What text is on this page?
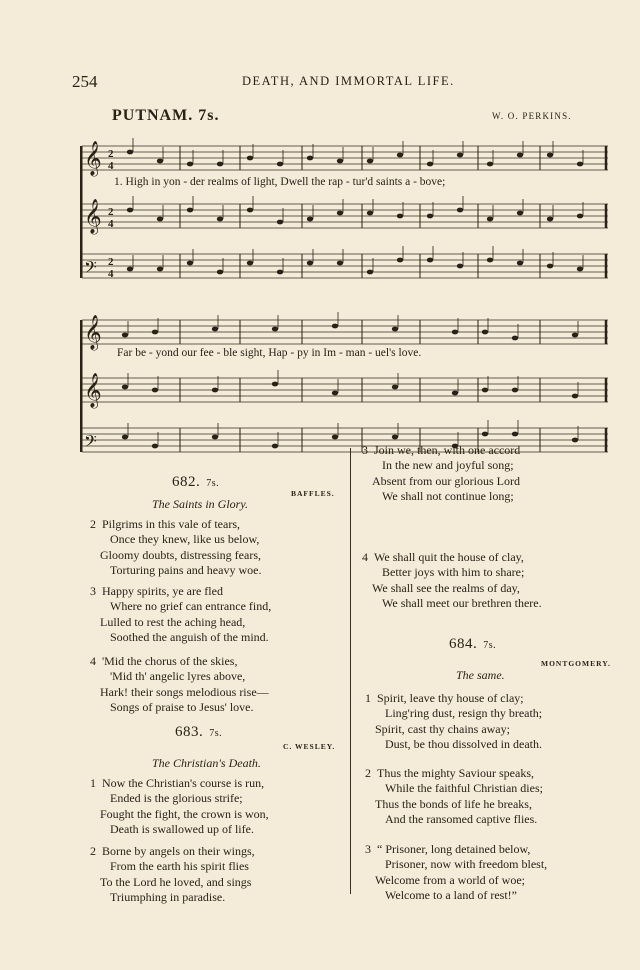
254	DEATH, AND IMMORTAL LIFE.
PUTNAM. 7s.	W. O. PERKINS.
𝄞 2
4
𝄞 2
4
𝄢 2
4
1. High in yon - der realms of light, Dwell the rap - tur'd saints a - bove;
𝄞
𝄞
𝄢
Far be - yond our fee - ble sight, Hap - py in Im - man - uel's love.
682. 7s.
BAFFLES.
The Saints in Glory.
2 Pilgrims in this vale of tears,
Once they knew, like us below,
Gloomy doubts, distressing fears,
Torturing pains and heavy woe.
3 Happy spirits, ye are fled
Where no grief can entrance find,
Lulled to rest the aching head,
Soothed the anguish of the mind.
4 'Mid the chorus of the skies,
'Mid th' angelic lyres above,
Hark! their songs melodious rise—
Songs of praise to Jesus' love.
683. 7s.
C. WESLEY.
The Christian's Death.
1 Now the Christian's course is run,
Ended is the glorious strife;
Fought the fight, the crown is won,
Death is swallowed up of life.
2 Borne by angels on their wings,
From the earth his spirit flies
To the Lord he loved, and sings
Triumphing in paradise.
3 Join we, then, with one accord
In the new and joyful song;
Absent from our glorious Lord
We shall not continue long;
4 We shall quit the house of clay,
Better joys with him to share;
We shall see the realms of day,
We shall meet our brethren there.
684. 7s.
MONTGOMERY.
The same.
1 Spirit, leave thy house of clay;
Ling'ring dust, resign thy breath;
Spirit, cast thy chains away;
Dust, be thou dissolved in death.
2 Thus the mighty Saviour speaks,
While the faithful Christian dies;
Thus the bonds of life he breaks,
And the ransomed captive flies.
3 “ Prisoner, long detained below,
Prisoner, now with freedom blest,
Welcome from a world of woe;
Welcome to a land of rest!”
